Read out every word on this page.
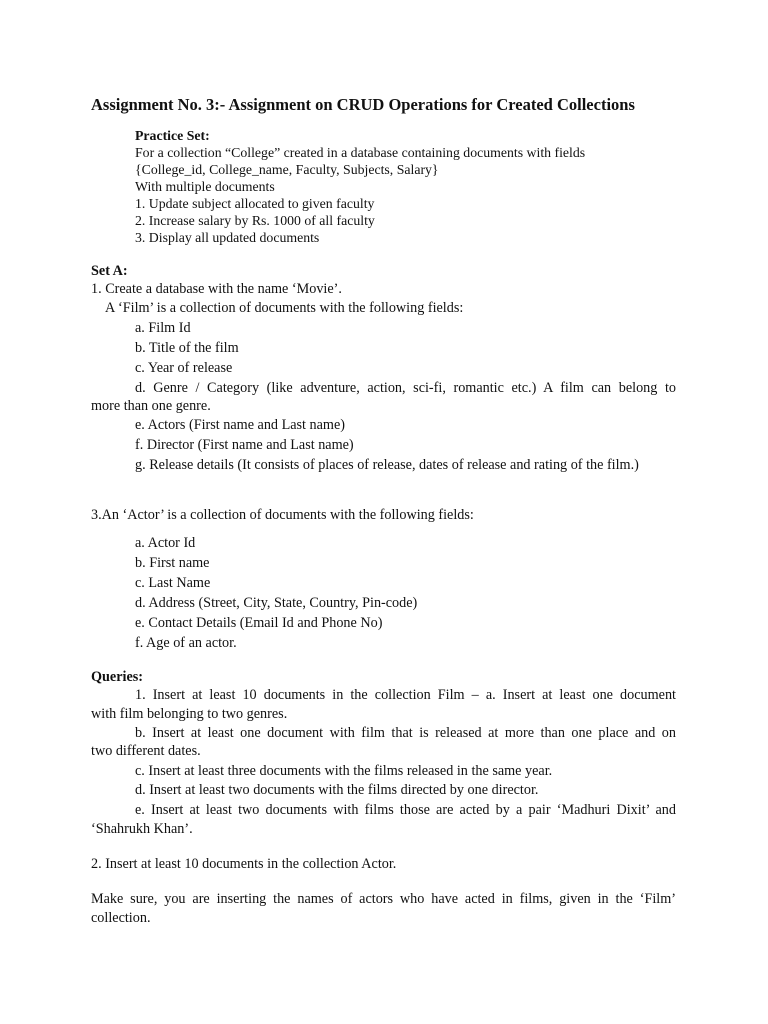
Assignment No. 3:- Assignment on CRUD Operations for Created Collections

Practice Set:

For a collection “College” created in a database containing documents with fields

{College_id, College_name, Faculty, Subjects, Salary}

With multiple documents

1. Update subject allocated to given faculty

2. Increase salary by Rs. 1000 of all faculty

3. Display all updated documents

Set A:

1. Create a database with the name ‘Movie’.

A ‘Film’ is a collection of documents with the following fields:

a. Film Id

b. Title of the film

c. Year of release

d. Genre / Category (like adventure, action, sci-fi, romantic etc.) A film can belong to

more than one genre.

e. Actors (First name and Last name)

f. Director (First name and Last name)

g. Release details (It consists of places of release, dates of release and rating of the film.)

3.An ‘Actor’ is a collection of documents with the following fields:

a. Actor Id

b. First name

c. Last Name

d. Address (Street, City, State, Country, Pin-code)

e. Contact Details (Email Id and Phone No)

f. Age of an actor.

Queries:

1. Insert at least 10 documents in the collection Film – a. Insert at least one document

with film belonging to two genres.

b. Insert at least one document with film that is released at more than one place and on

two different dates.

c. Insert at least three documents with the films released in the same year.

d. Insert at least two documents with the films directed by one director.

e. Insert at least two documents with films those are acted by a pair ‘Madhuri Dixit’ and

‘Shahrukh Khan’.

2. Insert at least 10 documents in the collection Actor.

Make sure, you are inserting the names of actors who have acted in films, given in the ‘Film’

collection.
